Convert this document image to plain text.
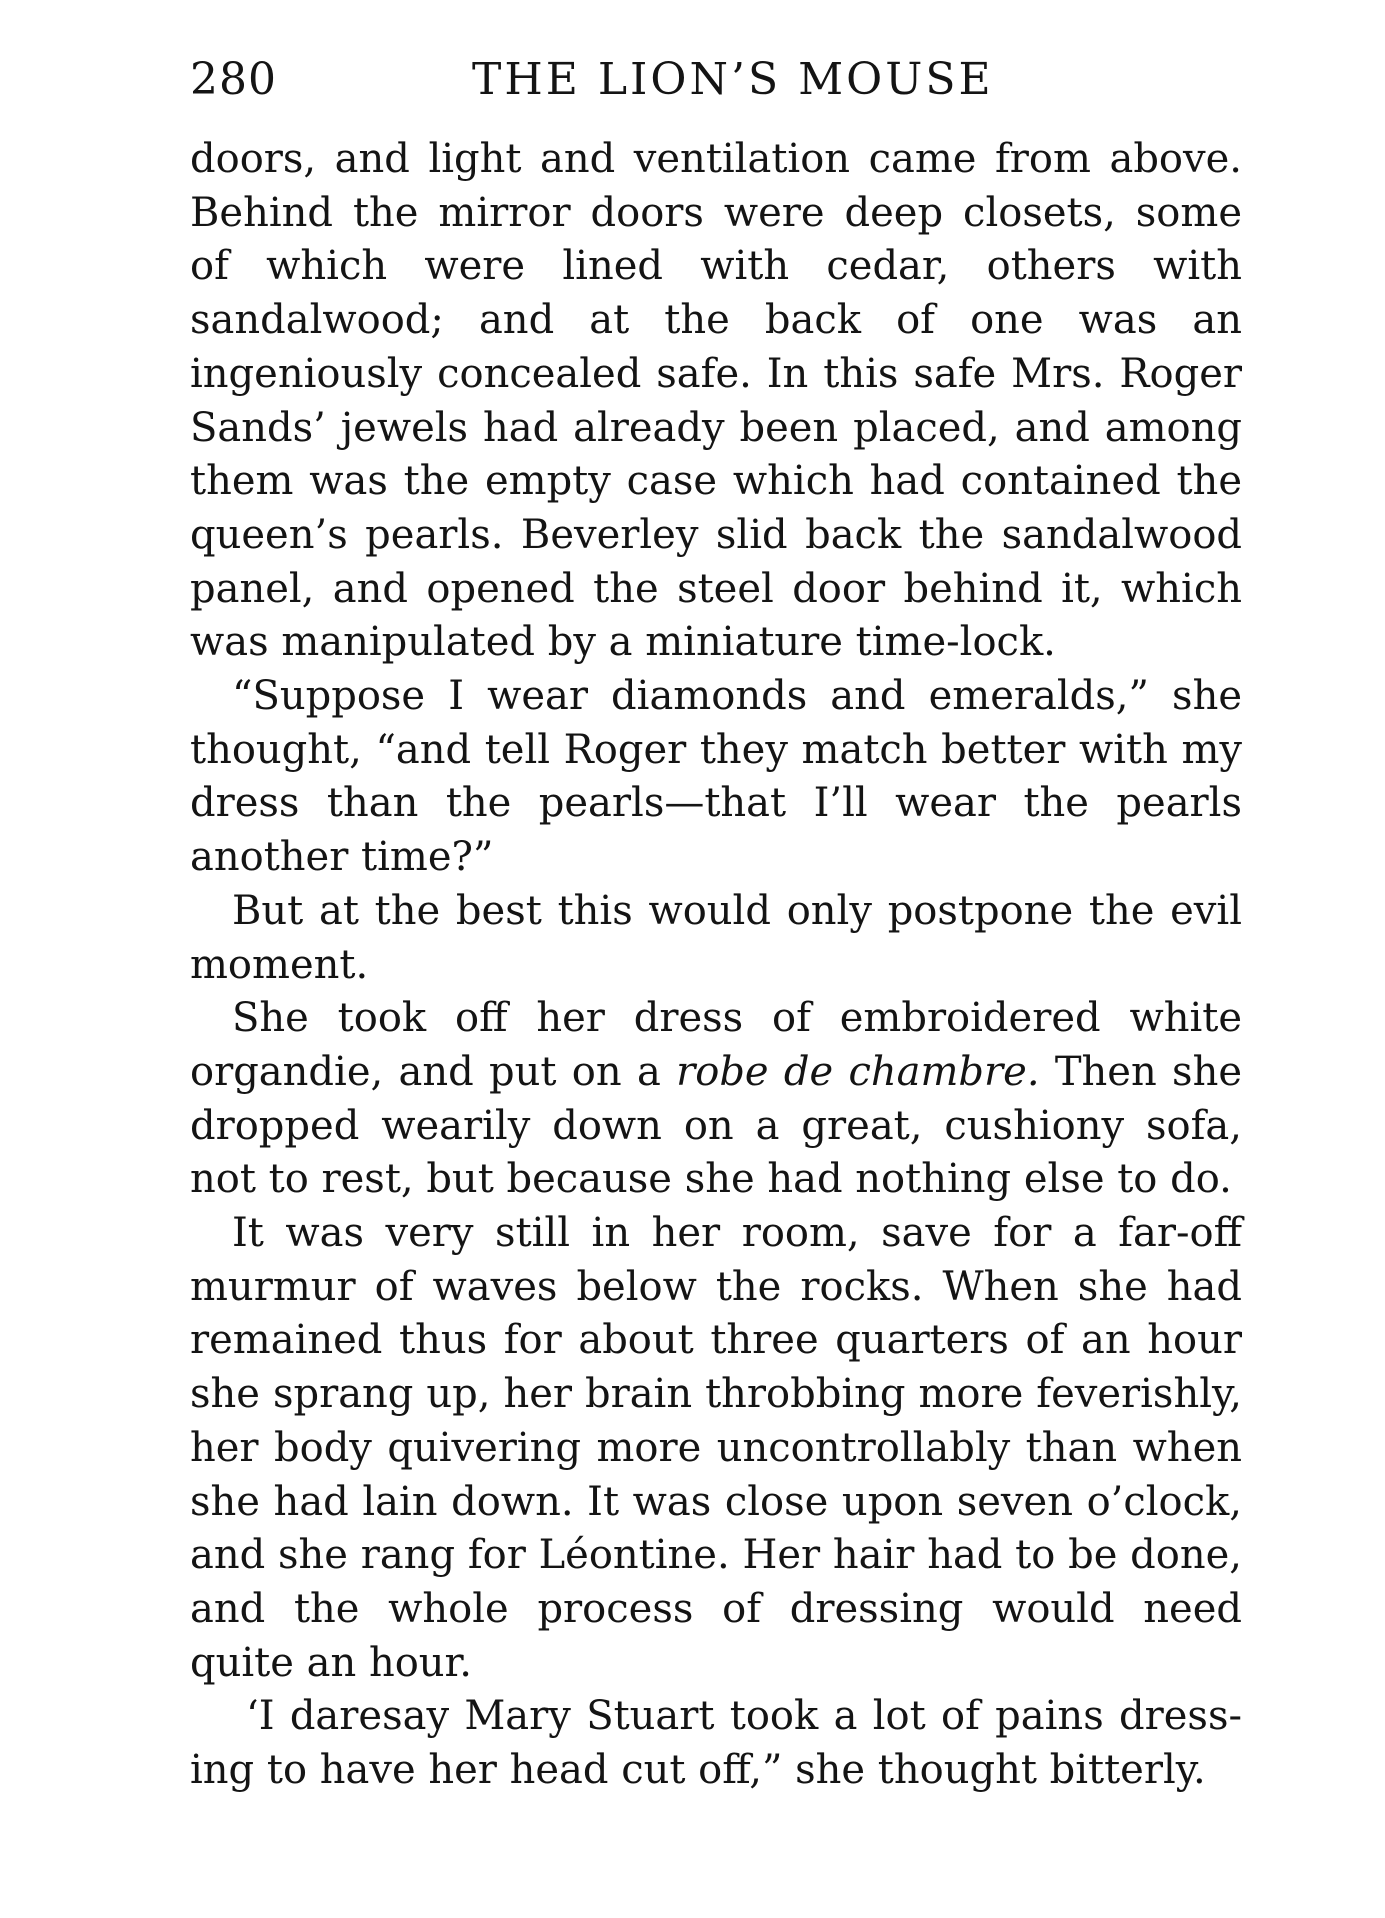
280	THE LION’S MOUSE

doors, and light and ventilation came from above. Behind the mirror doors were deep closets, some of which were lined with cedar, others with sandalwood; and at the back of one was an ingeniously concealed safe. In this safe Mrs. Roger Sands’ jewels had already been placed, and among them was the empty case which had contained the queen’s pearls. Beverley slid back the sandalwood panel, and opened the steel door behind it, which was manipulated by a miniature time-lock.

“Suppose I wear diamonds and emeralds,” she thought, “and tell Roger they match better with my dress than the pearls—that I’ll wear the pearls another time?”

But at the best this would only postpone the evil moment.

She took off her dress of embroidered white organdie, and put on a robe de chambre. Then she dropped wearily down on a great, cushiony sofa, not to rest, but because she had nothing else to do.

It was very still in her room, save for a far-off murmur of waves below the rocks. When she had remained thus for about three quarters of an hour she sprang up, her brain throbbing more feverishly, her body quivering more uncontrollably than when she had lain down. It was close upon seven o’clock, and she rang for Léontine. Her hair had to be done, and the whole process of dressing would need quite an hour.

‘I daresay Mary Stuart took a lot of pains dressing to have her head cut off,” she thought bitterly.
